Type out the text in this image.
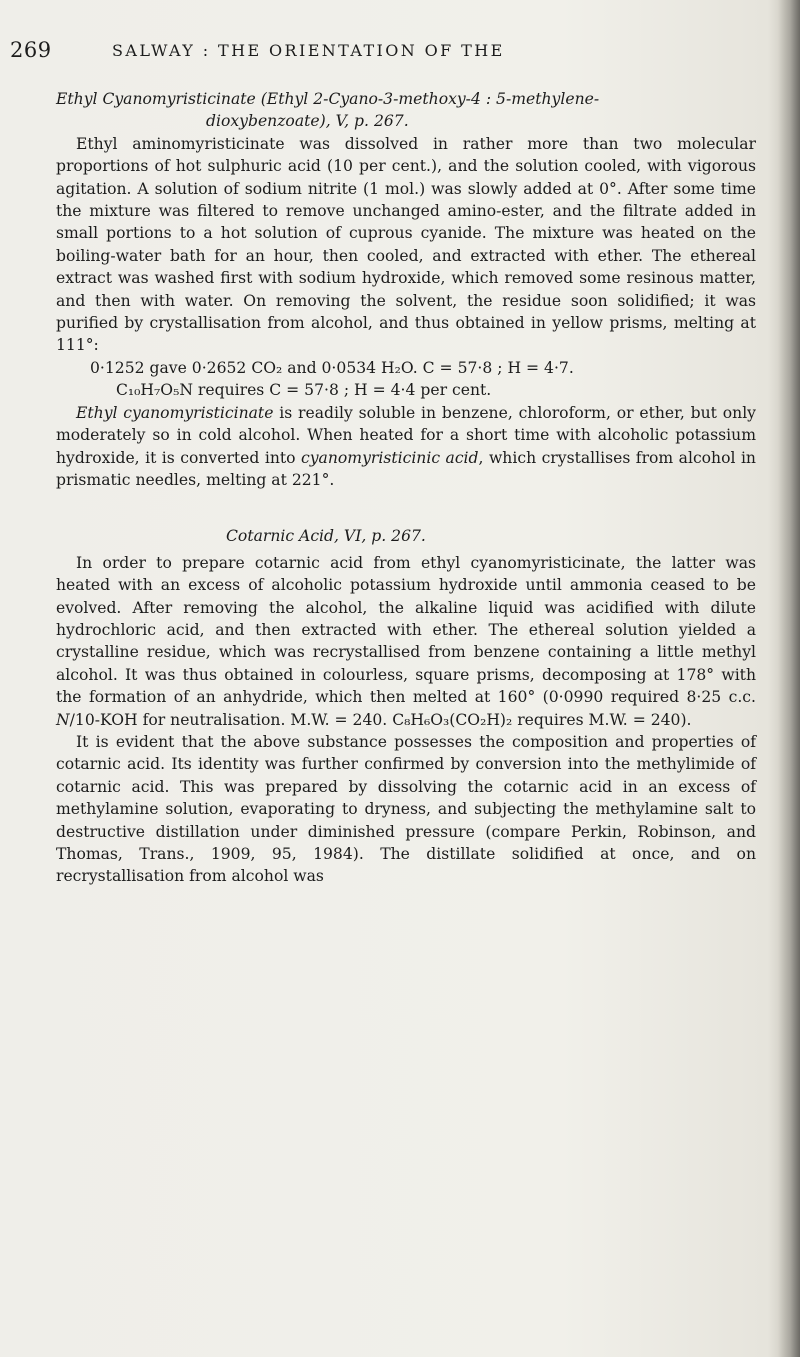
269	SALWAY : THE ORIENTATION OF THE

Ethyl Cyanomyristicinate (Ethyl 2-Cyano-3-methoxy-4 : 5-methylene-
dioxybenzoate), V, p. 267.

Ethyl aminomyristicinate was dissolved in rather more than two molecular proportions of hot sulphuric acid (10 per cent.), and the solution cooled, with vigorous agitation. A solution of sodium nitrite (1 mol.) was slowly added at 0°. After some time the mixture was filtered to remove unchanged amino-ester, and the filtrate added in small portions to a hot solution of cuprous cyanide. The mixture was heated on the boiling-water bath for an hour, then cooled, and extracted with ether. The ethereal extract was washed first with sodium hydroxide, which removed some resinous matter, and then with water. On removing the solvent, the residue soon solidified; it was purified by crystallisation from alcohol, and thus obtained in yellow prisms, melting at 111°:

0·1252 gave 0·2652 CO₂ and 0·0534 H₂O. C = 57·8 ; H = 4·7.

C₁₀H₇O₅N requires C = 57·8 ; H = 4·4 per cent.

Ethyl cyanomyristicinate is readily soluble in benzene, chloroform, or ether, but only moderately so in cold alcohol. When heated for a short time with alcoholic potassium hydroxide, it is converted into cyanomyristicinic acid, which crystallises from alcohol in prismatic needles, melting at 221°.

Cotarnic Acid, VI, p. 267.

In order to prepare cotarnic acid from ethyl cyanomyristicinate, the latter was heated with an excess of alcoholic potassium hydroxide until ammonia ceased to be evolved. After removing the alcohol, the alkaline liquid was acidified with dilute hydrochloric acid, and then extracted with ether. The ethereal solution yielded a crystalline residue, which was recrystallised from benzene containing a little methyl alcohol. It was thus obtained in colourless, square prisms, decomposing at 178° with the formation of an anhydride, which then melted at 160° (0·0990 required 8·25 c.c. N/10-KOH for neutralisation. M.W. = 240. C₈H₆O₃(CO₂H)₂ requires M.W. = 240).

It is evident that the above substance possesses the composition and properties of cotarnic acid. Its identity was further confirmed by conversion into the methylimide of cotarnic acid. This was prepared by dissolving the cotarnic acid in an excess of methylamine solution, evaporating to dryness, and subjecting the methylamine salt to destructive distillation under diminished pressure (compare Perkin, Robinson, and Thomas, Trans., 1909, 95, 1984). The distillate solidified at once, and on recrystallisation from alcohol was
